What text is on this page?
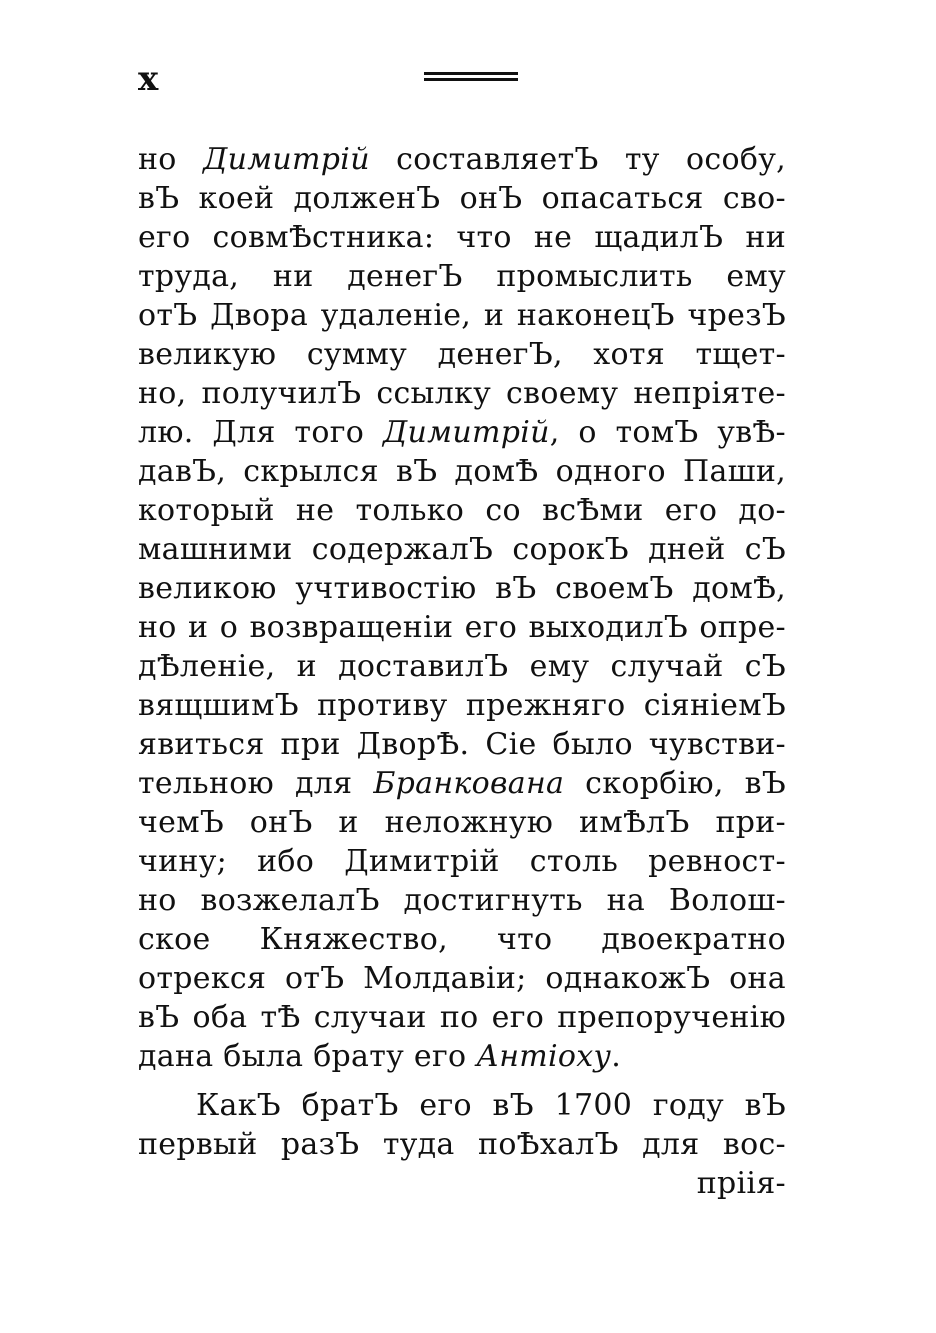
x
но Димитрій составляетЪ ту особу,
вЪ коей долженЪ онЪ опасаться сво-
его совмѢстника: что не щадилЪ ни
труда, ни денегЪ промыслить ему
отЪ Двора удаленіе, и наконецЪ чрезЪ
великую сумму денегЪ, хотя тщет-
но, получилЪ ссылку своему непріяте-
лю. Для того Димитрій, о томЪ увѢ-
давЪ, скрылся вЪ домѢ одного Паши,
который не только со всѢми его до-
машними содержалЪ сорокЪ дней сЪ
великою учтивостію вЪ своемЪ домѢ,
но и о возвращеніи его выходилЪ опре-
дѢленіе, и доставилЪ ему случай сЪ
вящшимЪ противу прежняго сіяніемЪ
явиться при ДворѢ. Сіе было чувстви-
тельною для Бранкована скорбію, вЪ
чемЪ онЪ и неложную имѢлЪ при-
чину; ибо Димитрій столь ревност-
но возжелалЪ достигнуть на Волош-
ское Княжество, что двоекратно
отрекся отЪ Молдавіи; однакожЪ она
вЪ оба тѢ случаи по его препорученію
дана была брату его Антіоху.
КакЪ братЪ его вЪ 1700 году вЪ
первый разЪ туда поѢхалЪ для вос-
пріія-
